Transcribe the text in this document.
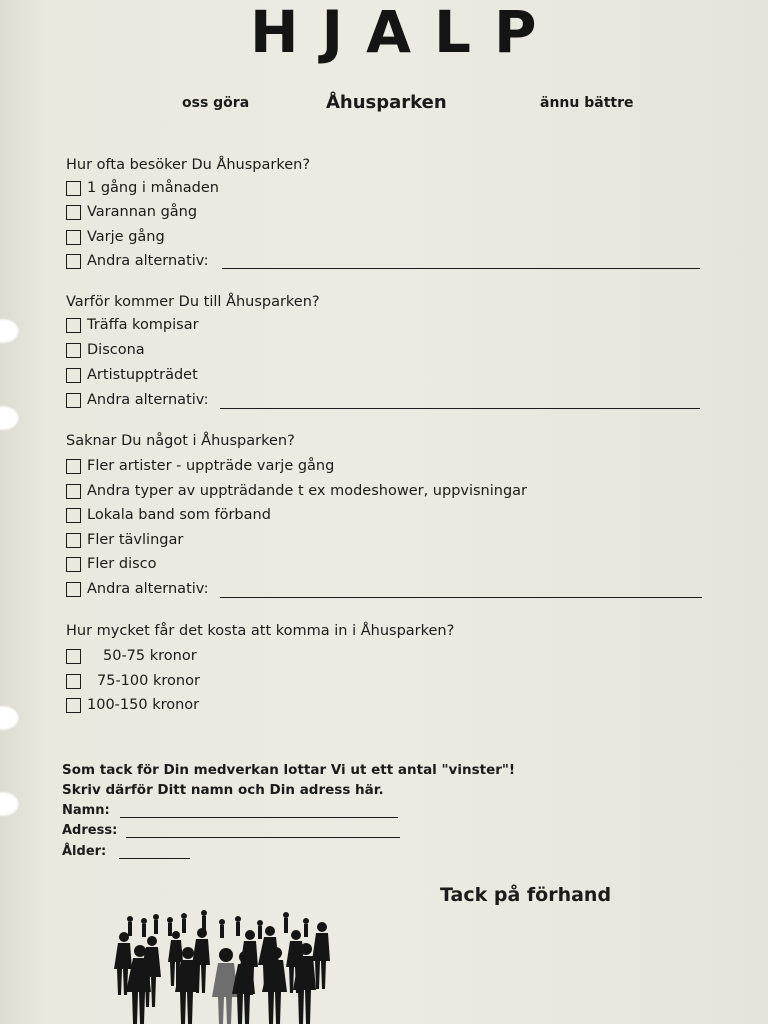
HJALP
oss göra	Åhusparken	ännu bättre
Hur ofta besöker Du Åhusparken?
1 gång i månaden
Varannan gång
Varje gång
Andra alternativ:
Varför kommer Du till Åhusparken?
Träffa kompisar
Discona
Artistuppträdet
Andra alternativ:
Saknar Du något i Åhusparken?
Fler artister - uppträde varje gång
Andra typer av uppträdande t ex modeshower, uppvisningar
Lokala band som förband
Fler tävlingar
Fler disco
Andra alternativ:
Hur mycket får det kosta att komma in i Åhusparken?
50-75 kronor
75-100 kronor
100-150 kronor
Som tack för Din medverkan lottar Vi ut ett antal "vinster"!
Skriv därför Ditt namn och Din adress här.
Namn:
Adress:
Ålder:
Tack på förhand
